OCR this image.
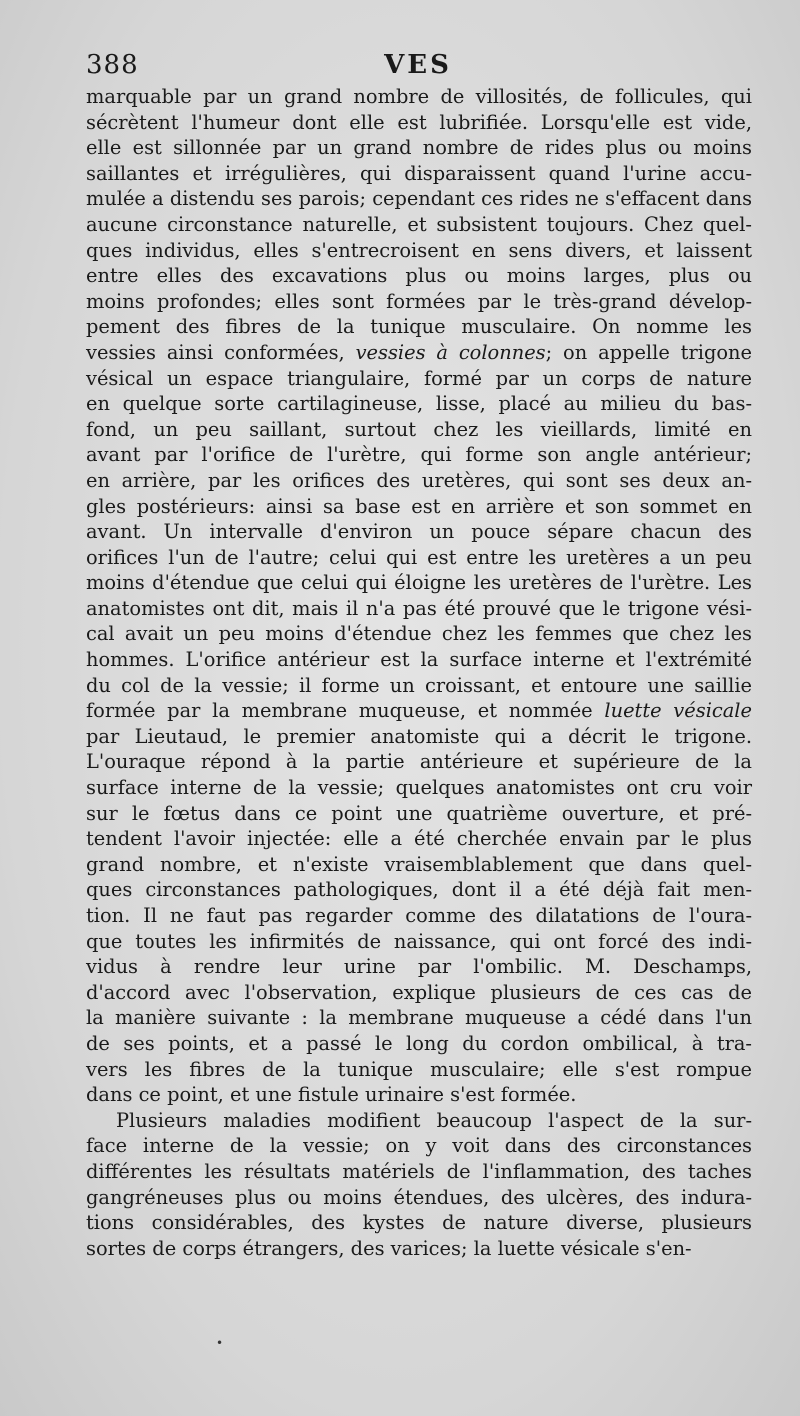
388	VES
marquable par un grand nombre de villosités, de follicules, qui
sécrètent l'humeur dont elle est lubrifiée. Lorsqu'elle est vide,
elle est sillonnée par un grand nombre de rides plus ou moins
saillantes et irrégulières, qui disparaissent quand l'urine accu-
mulée a distendu ses parois; cependant ces rides ne s'effacent dans
aucune circonstance naturelle, et subsistent toujours. Chez quel-
ques individus, elles s'entrecroisent en sens divers, et laissent
entre elles des excavations plus ou moins larges, plus ou
moins profondes; elles sont formées par le très-grand dévelop-
pement des fibres de la tunique musculaire. On nomme les
vessies ainsi conformées, vessies à colonnes; on appelle trigone
vésical un espace triangulaire, formé par un corps de nature
en quelque sorte cartilagineuse, lisse, placé au milieu du bas-
fond, un peu saillant, surtout chez les vieillards, limité en
avant par l'orifice de l'urètre, qui forme son angle antérieur;
en arrière, par les orifices des uretères, qui sont ses deux an-
gles postérieurs: ainsi sa base est en arrière et son sommet en
avant. Un intervalle d'environ un pouce sépare chacun des
orifices l'un de l'autre; celui qui est entre les uretères a un peu
moins d'étendue que celui qui éloigne les uretères de l'urètre. Les
anatomistes ont dit, mais il n'a pas été prouvé que le trigone vési-
cal avait un peu moins d'étendue chez les femmes que chez les
hommes. L'orifice antérieur est la surface interne et l'extrémité
du col de la vessie; il forme un croissant, et entoure une saillie
formée par la membrane muqueuse, et nommée luette vésicale
par Lieutaud, le premier anatomiste qui a décrit le trigone.
L'ouraque répond à la partie antérieure et supérieure de la
surface interne de la vessie; quelques anatomistes ont cru voir
sur le fœtus dans ce point une quatrième ouverture, et pré-
tendent l'avoir injectée: elle a été cherchée envain par le plus
grand nombre, et n'existe vraisemblablement que dans quel-
ques circonstances pathologiques, dont il a été déjà fait men-
tion. Il ne faut pas regarder comme des dilatations de l'oura-
que toutes les infirmités de naissance, qui ont forcé des indi-
vidus à rendre leur urine par l'ombilic. M. Deschamps,
d'accord avec l'observation, explique plusieurs de ces cas de
la manière suivante : la membrane muqueuse a cédé dans l'un
de ses points, et a passé le long du cordon ombilical, à tra-
vers les fibres de la tunique musculaire; elle s'est rompue
dans ce point, et une fistule urinaire s'est formée.
Plusieurs maladies modifient beaucoup l'aspect de la sur-
face interne de la vessie; on y voit dans des circonstances
différentes les résultats matériels de l'inflammation, des taches
gangréneuses plus ou moins étendues, des ulcères, des indura-
tions considérables, des kystes de nature diverse, plusieurs
sortes de corps étrangers, des varices; la luette vésicale s'en-
•
